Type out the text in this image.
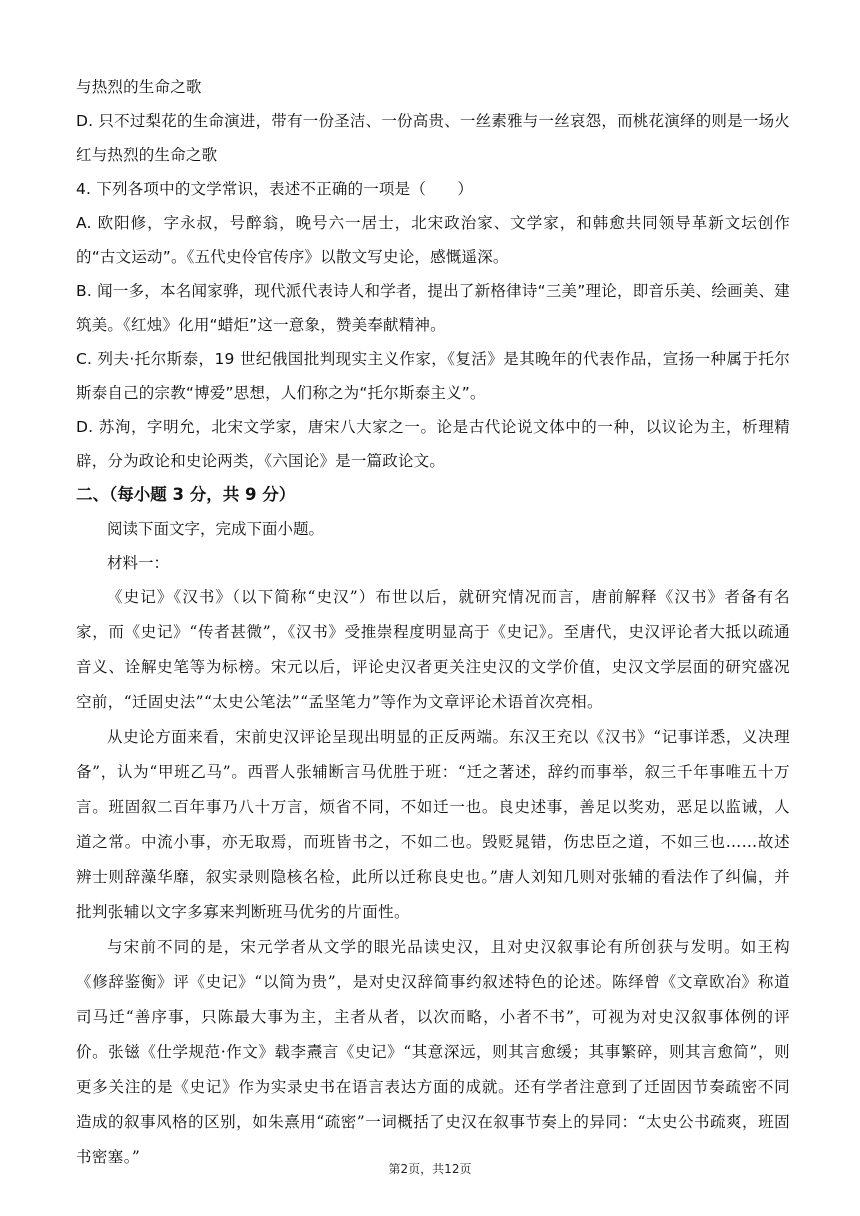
与热烈的生命之歌

D. 只不过梨花的生命演进，带有一份圣洁、一份高贵、一丝素雅与一丝哀怨，而桃花演绎的则是一场火红与热烈的生命之歌

4. 下列各项中的文学常识，表述不正确的一项是（　　）

A. 欧阳修，字永叔，号醉翁，晚号六一居士，北宋政治家、文学家，和韩愈共同领导革新文坛创作的“古文运动”。《五代史伶官传序》以散文写史论，感慨遥深。

B. 闻一多，本名闻家骅，现代派代表诗人和学者，提出了新格律诗“三美”理论，即音乐美、绘画美、建筑美。《红烛》化用“蜡炬”这一意象，赞美奉献精神。

C. 列夫·托尔斯泰，19 世纪俄国批判现实主义作家，《复活》是其晚年的代表作品，宣扬一种属于托尔斯泰自己的宗教“博爱”思想，人们称之为“托尔斯泰主义”。

D. 苏洵，字明允，北宋文学家，唐宋八大家之一。论是古代论说文体中的一种，以议论为主，析理精辟，分为政论和史论两类，《六国论》是一篇政论文。

二、（每小题 3 分，共 9 分）

阅读下面文字，完成下面小题。

材料一：

《史记》《汉书》（以下简称“史汉”）布世以后，就研究情况而言，唐前解释《汉书》者备有名家，而《史记》“传者甚微”，《汉书》受推崇程度明显高于《史记》。至唐代，史汉评论者大抵以疏通音义、诠解史笔等为标榜。宋元以后，评论史汉者更关注史汉的文学价值，史汉文学层面的研究盛况空前，“迁固史法”“太史公笔法”“孟坚笔力”等作为文章评论术语首次亮相。

从史论方面来看，宋前史汉评论呈现出明显的正反两端。东汉王充以《汉书》“记事详悉，义决理备”，认为“甲班乙马”。西晋人张辅断言马优胜于班：“迁之著述，辞约而事举，叙三千年事唯五十万言。班固叙二百年事乃八十万言，烦省不同，不如迁一也。良史述事，善足以奖劝，恶足以监诫，人道之常。中流小事，亦无取焉，而班皆书之，不如二也。毁贬晁错，伤忠臣之道，不如三也……故述辨士则辞藻华靡，叙实录则隐核名检，此所以迁称良史也。”唐人刘知几则对张辅的看法作了纠偏，并批判张辅以文字多寡来判断班马优劣的片面性。

与宋前不同的是，宋元学者从文学的眼光品读史汉，且对史汉叙事论有所创获与发明。如王构《修辞鉴衡》评《史记》“以简为贵”，是对史汉辞简事约叙述特色的论述。陈绎曾《文章欧冶》称道司马迁“善序事，只陈最大事为主，主者从者，以次而略，小者不书”，可视为对史汉叙事体例的评价。张镃《仕学规范·作文》载李燾言《史记》“其意深远，则其言愈缓；其事繁碎，则其言愈简”，则更多关注的是《史记》作为实录史书在语言表达方面的成就。还有学者注意到了迁固因节奏疏密不同造成的叙事风格的区别，如朱熹用“疏密”一词概括了史汉在叙事节奏上的异同：“太史公书疏爽，班固书密塞。”

第2页，共12页
